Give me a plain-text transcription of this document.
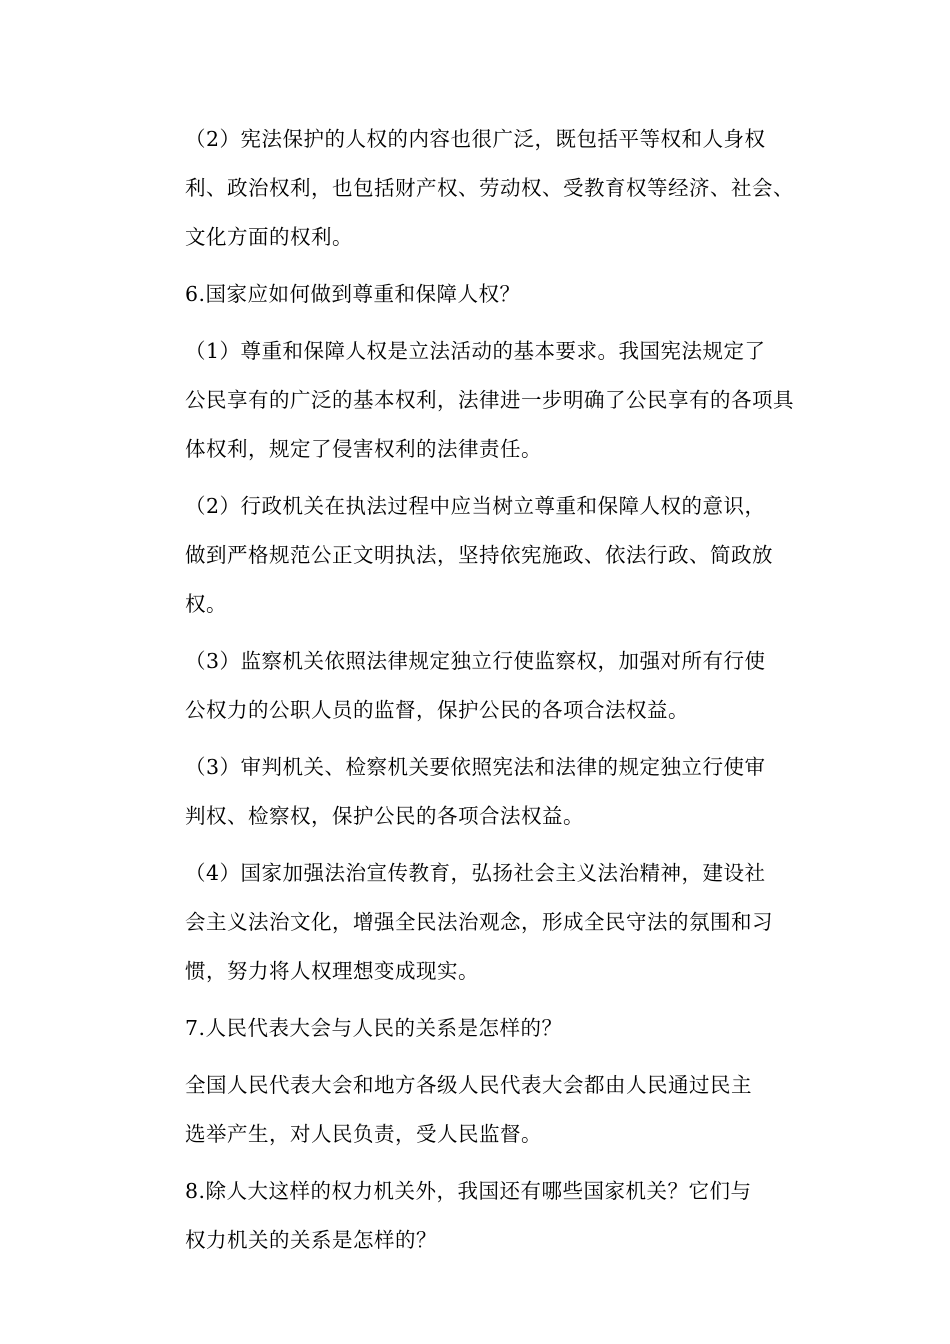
（2）宪法保护的人权的内容也很广泛，既包括平等权和人身权
利、政治权利，也包括财产权、劳动权、受教育权等经济、社会、
文化方面的权利。

6.国家应如何做到尊重和保障人权？

（1）尊重和保障人权是立法活动的基本要求。我国宪法规定了
公民享有的广泛的基本权利，法律进一步明确了公民享有的各项具
体权利，规定了侵害权利的法律责任。

（2）行政机关在执法过程中应当树立尊重和保障人权的意识，
做到严格规范公正文明执法，坚持依宪施政、依法行政、简政放
权。

（3）监察机关依照法律规定独立行使监察权，加强对所有行使
公权力的公职人员的监督，保护公民的各项合法权益。

（3）审判机关、检察机关要依照宪法和法律的规定独立行使审
判权、检察权，保护公民的各项合法权益。

（4）国家加强法治宣传教育，弘扬社会主义法治精神，建设社
会主义法治文化，增强全民法治观念，形成全民守法的氛围和习
惯，努力将人权理想变成现实。

7.人民代表大会与人民的关系是怎样的？

全国人民代表大会和地方各级人民代表大会都由人民通过民主
选举产生，对人民负责，受人民监督。

8.除人大这样的权力机关外，我国还有哪些国家机关？它们与
权力机关的关系是怎样的？
